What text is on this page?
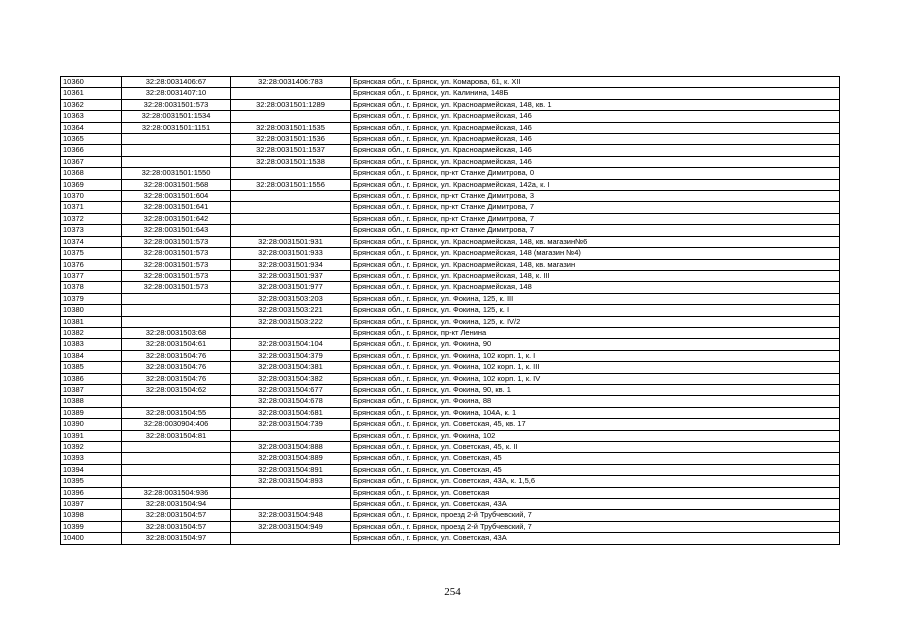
10360	32:28:0031406:67	32:28:0031406:783	Брянская обл., г. Брянск, ул. Комарова, 61, к. XII
10361	32:28:0031407:10		Брянская обл., г. Брянск, ул. Калинина, 148Б
10362	32:28:0031501:573	32:28:0031501:1289	Брянская обл., г. Брянск, ул. Красноармейская, 148, кв. 1
10363	32:28:0031501:1534		Брянская обл., г. Брянск, ул. Красноармейская, 146
10364	32:28:0031501:1151	32:28:0031501:1535	Брянская обл., г. Брянск, ул. Красноармейская, 146
10365		32:28:0031501:1536	Брянская обл., г. Брянск, ул. Красноармейская, 146
10366		32:28:0031501:1537	Брянская обл., г. Брянск, ул. Красноармейская, 146
10367		32:28:0031501:1538	Брянская обл., г. Брянск, ул. Красноармейская, 146
10368	32:28:0031501:1550		Брянская обл., г. Брянск, пр-кт Станке Димитрова, 0
10369	32:28:0031501:568	32:28:0031501:1556	Брянская обл., г. Брянск, ул. Красноармейская, 142а, к. I
10370	32:28:0031501:604		Брянская обл., г. Брянск, пр-кт Станке Димитрова, 3
10371	32:28:0031501:641		Брянская обл., г. Брянск, пр-кт Станке Димитрова, 7
10372	32:28:0031501:642		Брянская обл., г. Брянск, пр-кт Станке Димитрова, 7
10373	32:28:0031501:643		Брянская обл., г. Брянск, пр-кт Станке Димитрова, 7
10374	32:28:0031501:573	32:28:0031501:931	Брянская обл., г. Брянск, ул. Красноармейская, 148, кв. магазин№6
10375	32:28:0031501:573	32:28:0031501:933	Брянская обл., г. Брянск, ул. Красноармейская, 148 (магазин №4)
10376	32:28:0031501:573	32:28:0031501:934	Брянская обл., г. Брянск, ул. Красноармейская, 148, кв. магазин
10377	32:28:0031501:573	32:28:0031501:937	Брянская обл., г. Брянск, ул. Красноармейская, 148, к. III
10378	32:28:0031501:573	32:28:0031501:977	Брянская обл., г. Брянск, ул. Красноармейская, 148
10379		32:28:0031503:203	Брянская обл., г. Брянск, ул. Фокина, 125, к. III
10380		32:28:0031503:221	Брянская обл., г. Брянск, ул. Фокина, 125, к. I
10381		32:28:0031503:222	Брянская обл., г. Брянск, ул. Фокина, 125, к. IV/2
10382	32:28:0031503:68		Брянская обл., г. Брянск, пр-кт Ленина
10383	32:28:0031504:61	32:28:0031504:104	Брянская обл., г. Брянск, ул. Фокина, 90
10384	32:28:0031504:76	32:28:0031504:379	Брянская обл., г. Брянск, ул. Фокина, 102 корп. 1, к. I
10385	32:28:0031504:76	32:28:0031504:381	Брянская обл., г. Брянск, ул. Фокина, 102 корп. 1, к. III
10386	32:28:0031504:76	32:28:0031504:382	Брянская обл., г. Брянск, ул. Фокина, 102 корп. 1, к. IV
10387	32:28:0031504:62	32:28:0031504:677	Брянская обл., г. Брянск, ул. Фокина, 90, кв. 1
10388		32:28:0031504:678	Брянская обл., г. Брянск, ул. Фокина, 88
10389	32:28:0031504:55	32:28:0031504:681	Брянская обл., г. Брянск, ул. Фокина, 104А, к. 1
10390	32:28:0030904:406	32:28:0031504:739	Брянская обл., г. Брянск, ул. Советская, 45, кв. 17
10391	32:28:0031504:81		Брянская обл., г. Брянск, ул. Фокина, 102
10392		32:28:0031504:888	Брянская обл., г. Брянск, ул. Советская, 45, к. II
10393		32:28:0031504:889	Брянская обл., г. Брянск, ул. Советская, 45
10394		32:28:0031504:891	Брянская обл., г. Брянск, ул. Советская, 45
10395		32:28:0031504:893	Брянская обл., г. Брянск, ул. Советская, 43А, к. 1,5,6
10396	32:28:0031504:936		Брянская обл., г. Брянск, ул. Советская
10397	32:28:0031504:94		Брянская обл., г. Брянск, ул. Советская, 43А
10398	32:28:0031504:57	32:28:0031504:948	Брянская обл., г. Брянск, проезд 2-й Трубчевский, 7
10399	32:28:0031504:57	32:28:0031504:949	Брянская обл., г. Брянск, проезд 2-й Трубчевский, 7
10400	32:28:0031504:97		Брянская обл., г. Брянск, ул. Советская, 43А
254
